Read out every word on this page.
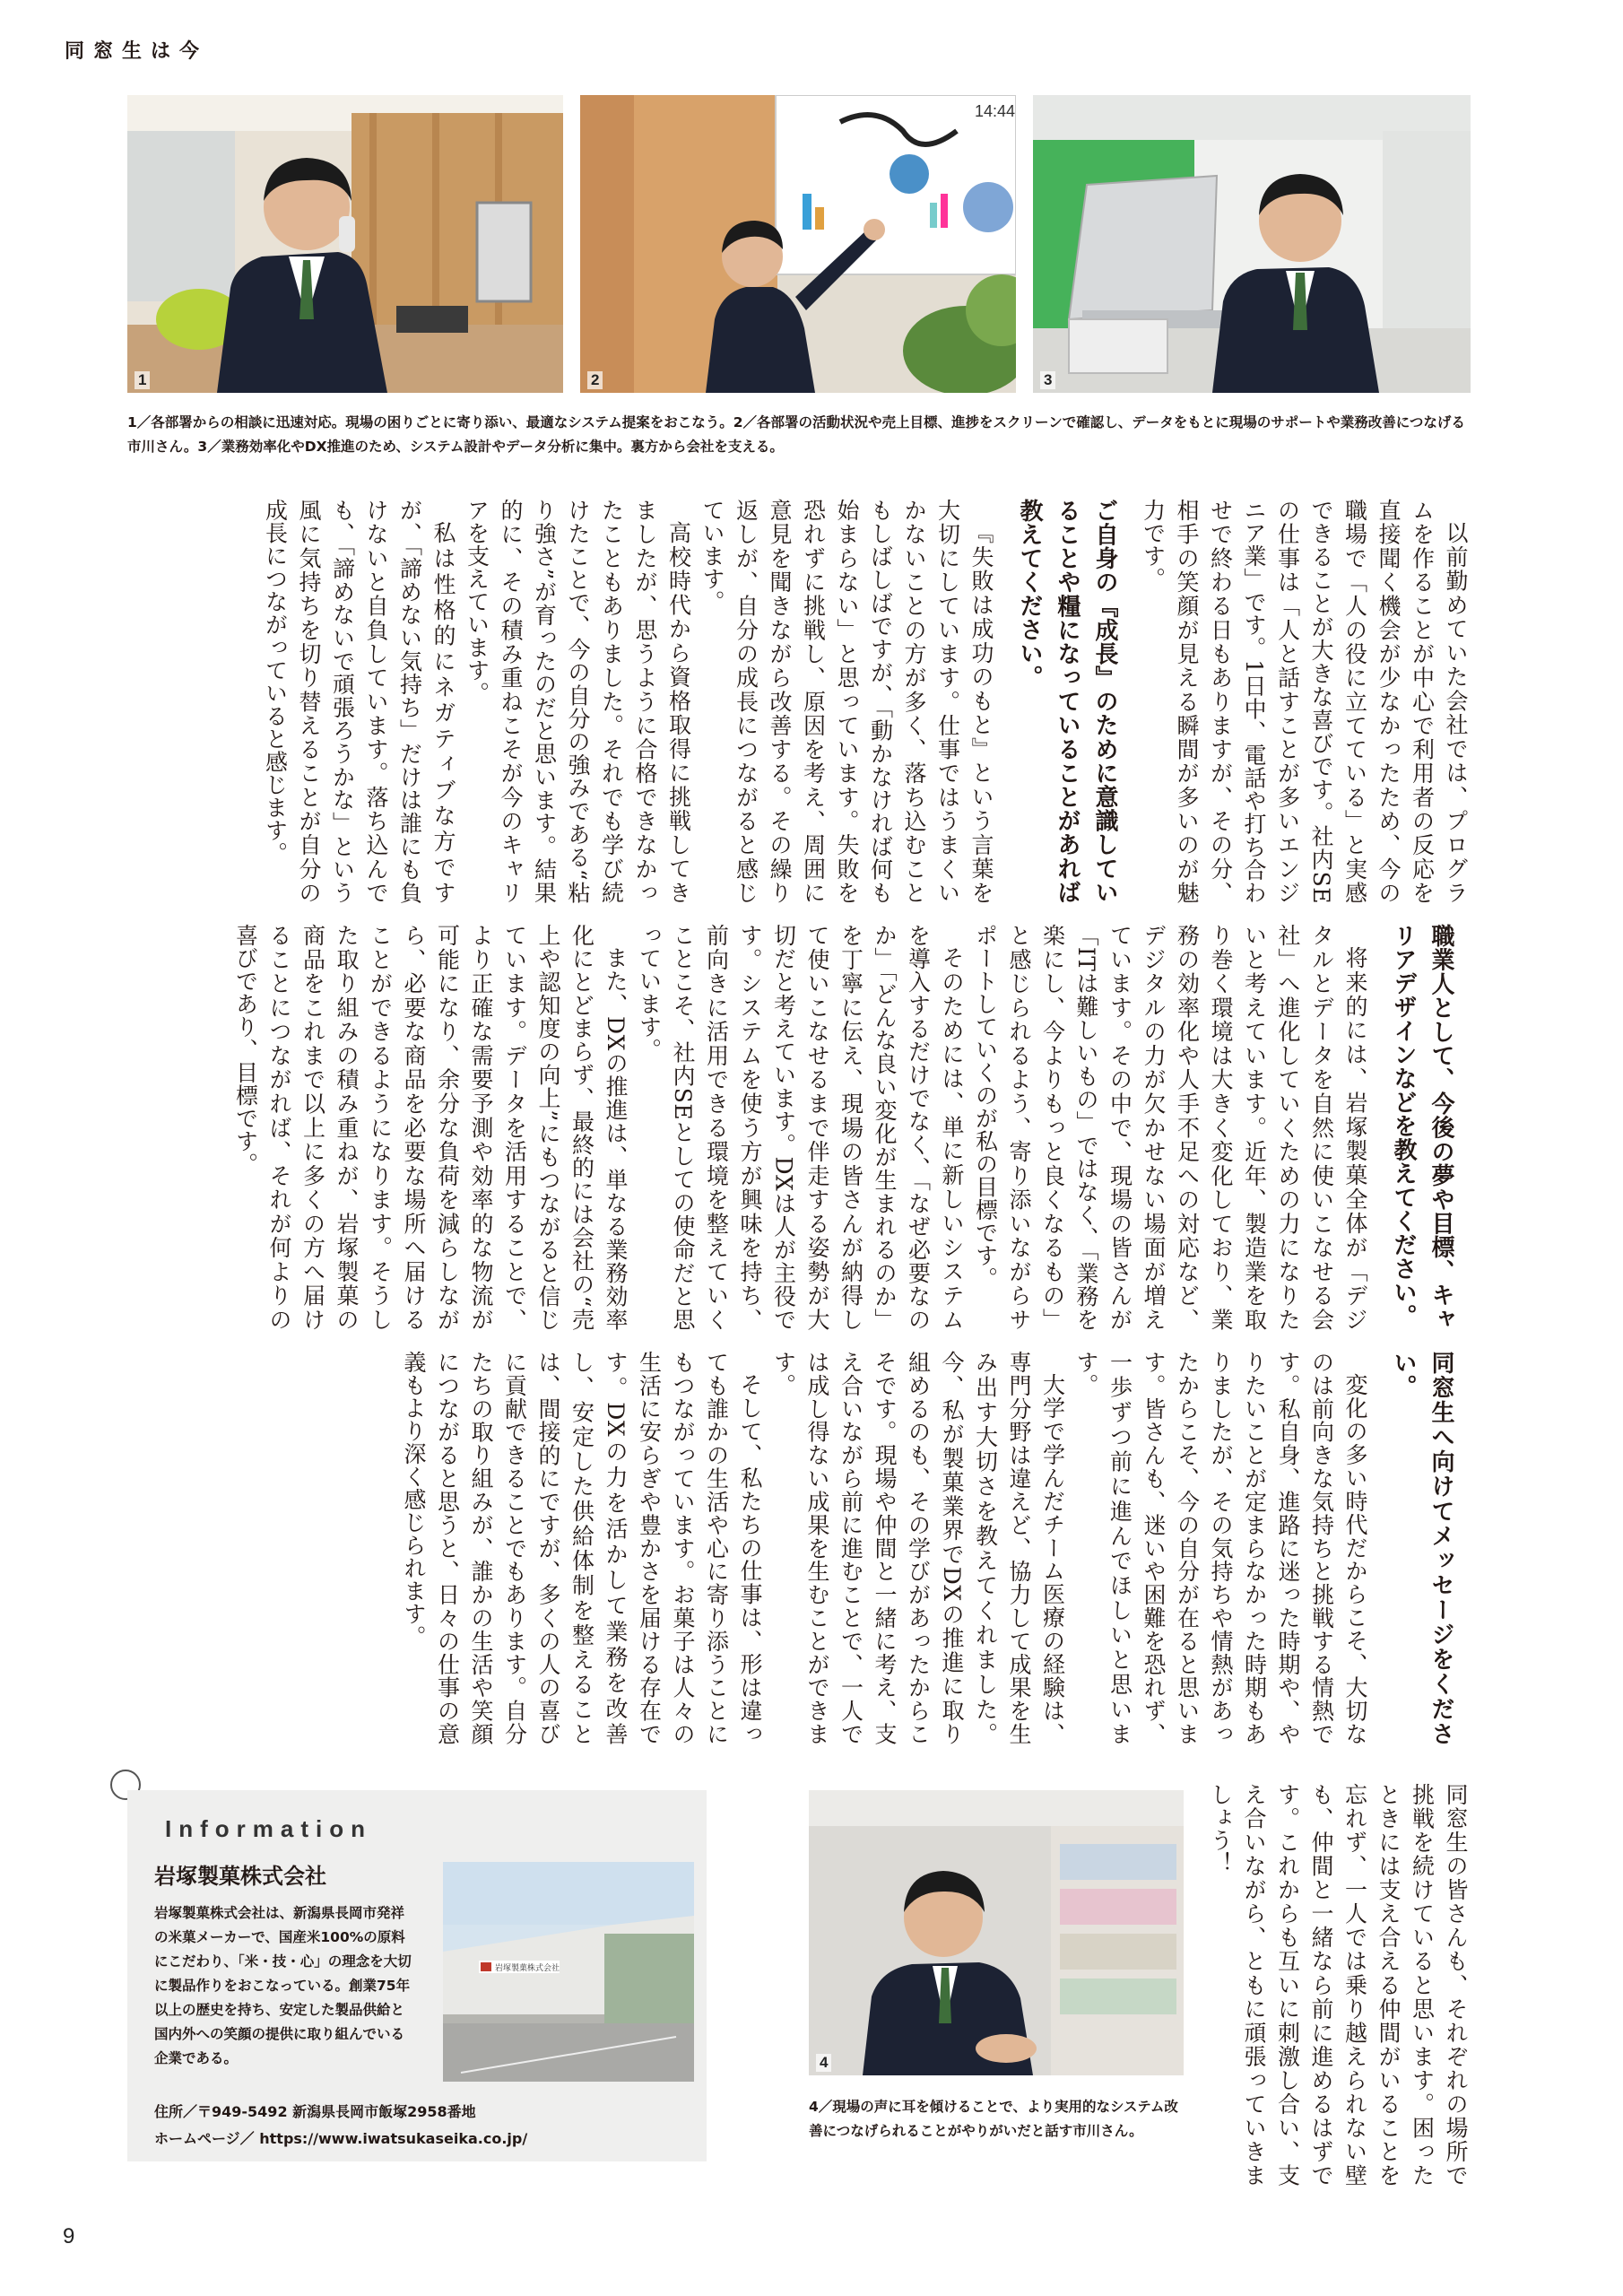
同窓生は今
1
14:44
2	3
1／各部署からの相談に迅速対応。現場の困りごとに寄り添い、最適なシステム提案をおこなう。2／各部署の活動状況や売上目標、進捗をスクリーンで確認し、データをもとに現場のサポートや業務改善につなげる市川さん。3／業務効率化やDX推進のため、システム設計やデータ分析に集中。裏方から会社を支える。

以前勤めていた会社では、プログラムを作ることが中心で利用者の反応を直接聞く機会が少なかったため、今の職場で「人の役に立てている」と実感できることが大きな喜びです。社内SEの仕事は「人と話すことが多いエンジニア業」です。1日中、電話や打ち合わせで終わる日もありますが、その分、相手の笑顔が見える瞬間が多いのが魅力です。

ご自身の『成長』のために意識していることや糧になっていることがあれば教えてください。

『失敗は成功のもと』という言葉を大切にしています。仕事ではうまくいかないことの方が多く、落ち込むこともしばしばですが、「動かなければ何も始まらない」と思っています。失敗を恐れずに挑戦し、原因を考え、周囲に意見を聞きながら改善する。その繰り返しが、自分の成長につながると感じています。

高校時代から資格取得に挑戦してきましたが、思うように合格できなかったこともありました。それでも学び続けたことで、今の自分の強みである“粘り強さ”が育ったのだと思います。結果的に、その積み重ねこそが今のキャリアを支えています。

私は性格的にネガティブな方ですが、「諦めない気持ち」だけは誰にも負けないと自負しています。落ち込んでも、「諦めないで頑張ろうかな」という風に気持ちを切り替えることが自分の成長につながっていると感じます。

職業人として、今後の夢や目標、キャリアデザインなどを教えてください。

将来的には、岩塚製菓全体が「デジタルとデータを自然に使いこなせる会社」へ進化していくための力になりたいと考えています。近年、製造業を取り巻く環境は大きく変化しており、業務の効率化や人手不足への対応など、デジタルの力が欠かせない場面が増えています。その中で、現場の皆さんが「ITは難しいもの」ではなく、「業務を楽にし、今よりもっと良くなるもの」と感じられるよう、寄り添いながらサポートしていくのが私の目標です。

そのためには、単に新しいシステムを導入するだけでなく、「なぜ必要なのか」「どんな良い変化が生まれるのか」を丁寧に伝え、現場の皆さんが納得して使いこなせるまで伴走する姿勢が大切だと考えています。DXは人が主役です。システムを使う方が興味を持ち、前向きに活用できる環境を整えていくことこそ、社内SEとしての使命だと思っています。

また、DXの推進は、単なる業務効率化にとどまらず、最終的には会社の“売上や認知度の向上”にもつながると信じています。データを活用することで、より正確な需要予測や効率的な物流が可能になり、余分な負荷を減らしながら、必要な商品を必要な場所へ届けることができるようになります。そうした取り組みの積み重ねが、岩塚製菓の商品をこれまで以上に多くの方へ届けることにつながれば、それが何よりの喜びであり、目標です。

同窓生へ向けてメッセージをください。

変化の多い時代だからこそ、大切なのは前向きな気持ちと挑戦する情熱です。私自身、進路に迷った時期や、やりたいことが定まらなかった時期もありましたが、その気持ちや情熱があったからこそ、今の自分が在ると思います。皆さんも、迷いや困難を恐れず、一歩ずつ前に進んでほしいと思います。

大学で学んだチーム医療の経験は、専門分野は違えど、協力して成果を生み出す大切さを教えてくれました。今、私が製菓業界でDXの推進に取り組めるのも、その学びがあったからこそです。現場や仲間と一緒に考え、支え合いながら前に進むことで、一人では成し得ない成果を生むことができます。

そして、私たちの仕事は、形は違っても誰かの生活や心に寄り添うことにもつながっています。お菓子は人々の生活に安らぎや豊かさを届ける存在です。DXの力を活かして業務を改善し、安定した供給体制を整えることは、間接的にですが、多くの人の喜びに貢献できることでもあります。自分たちの取り組みが、誰かの生活や笑顔につながると思うと、日々の仕事の意義もより深く感じられます。

同窓生の皆さんも、それぞれの場所で挑戦を続けていると思います。困ったときには支え合える仲間がいることを忘れず、一人では乗り越えられない壁も、仲間と一緒なら前に進めるはずです。これからも互いに刺激し合い、支え合いながら、ともに頑張っていきましょう！

Information
岩塚製菓株式会社
岩塚製菓株式会社は、新潟県長岡市発祥の米菓メーカーで、国産米100%の原料にこだわり、「米・技・心」の理念を大切に製品作りをおこなっている。創業75年以上の歴史を持ち、安定した製品供給と国内外への笑顔の提供に取り組んでいる企業である。
岩塚製菓株式会社
住所／〒949-5492 新潟県長岡市飯塚2958番地
ホームページ／ https://www.iwatsukaseika.co.jp/
4
4／現場の声に耳を傾けることで、より実用的なシステム改善につなげられることがやりがいだと話す市川さん。
9
